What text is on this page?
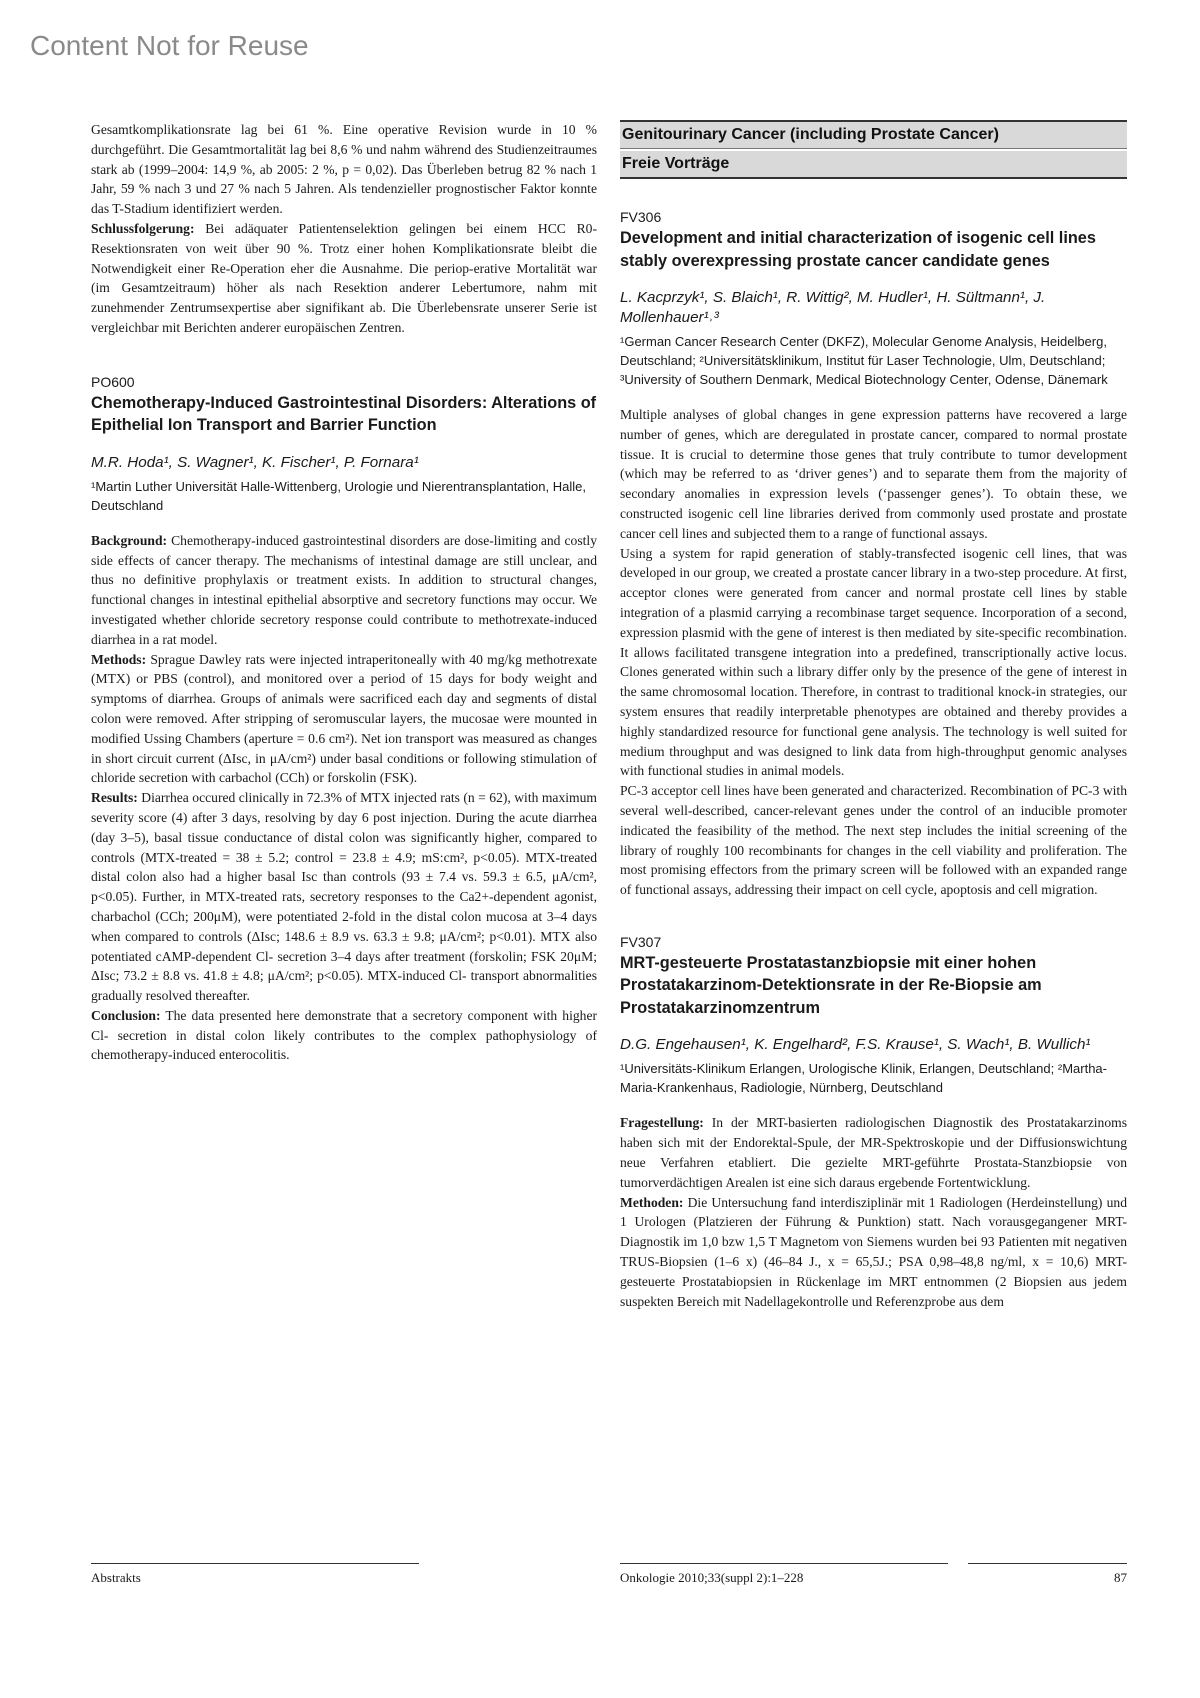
Content Not for Reuse

Gesamtkomplikationsrate lag bei 61 %. Eine operative Revision wurde in 10 % durchgeführt. Die Gesamtmortalität lag bei 8,6 % und nahm während des Studienzeitraumes stark ab (1999–2004: 14,9 %, ab 2005: 2 %, p = 0,02). Das Überleben betrug 82 % nach 1 Jahr, 59 % nach 3 und 27 % nach 5 Jahren. Als tendenzieller prognostischer Faktor konnte das T-Stadium identifiziert werden.

Schlussfolgerung: Bei adäquater Patientenselektion gelingen bei einem HCC R0-Resektionsraten von weit über 90 %. Trotz einer hohen Komplikationsrate bleibt die Notwendigkeit einer Re-Operation eher die Ausnahme. Die periop-erative Mortalität war (im Gesamtzeitraum) höher als nach Resektion anderer Lebertumore, nahm mit zunehmender Zentrumsexpertise aber signifikant ab. Die Überlebensrate unserer Serie ist vergleichbar mit Berichten anderer europäischen Zentren.

PO600
Chemotherapy-Induced Gastrointestinal Disorders: Alterations of Epithelial Ion Transport and Barrier Function
M.R. Hoda¹, S. Wagner¹, K. Fischer¹, P. Fornara¹
¹Martin Luther Universität Halle-Wittenberg, Urologie und Nierentransplantation, Halle, Deutschland

Background: Chemotherapy-induced gastrointestinal disorders are dose-limiting and costly side effects of cancer therapy. The mechanisms of intestinal damage are still unclear, and thus no definitive prophylaxis or treatment exists. In addition to structural changes, functional changes in intestinal epithelial absorptive and secretory functions may occur. We investigated whether chloride secretory response could contribute to methotrexate-induced diarrhea in a rat model.

Methods: Sprague Dawley rats were injected intraperitoneally with 40 mg/kg methotrexate (MTX) or PBS (control), and monitored over a period of 15 days for body weight and symptoms of diarrhea. Groups of animals were sacrificed each day and segments of distal colon were removed. After stripping of seromuscular layers, the mucosae were mounted in modified Ussing Chambers (aperture = 0.6 cm²). Net ion transport was measured as changes in short circuit current (ΔIsc, in μA/cm²) under basal conditions or following stimulation of chloride secretion with carbachol (CCh) or forskolin (FSK).

Results: Diarrhea occured clinically in 72.3% of MTX injected rats (n = 62), with maximum severity score (4) after 3 days, resolving by day 6 post injection. During the acute diarrhea (day 3–5), basal tissue conductance of distal colon was significantly higher, compared to controls (MTX-treated = 38 ± 5.2; control = 23.8 ± 4.9; mS:cm², p<0.05). MTX-treated distal colon also had a higher basal Isc than controls (93 ± 7.4 vs. 59.3 ± 6.5, μA/cm², p<0.05). Further, in MTX-treated rats, secretory responses to the Ca2+-dependent agonist, charbachol (CCh; 200μM), were potentiated 2-fold in the distal colon mucosa at 3–4 days when compared to controls (ΔIsc; 148.6 ± 8.9 vs. 63.3 ± 9.8; μA/cm²; p<0.01). MTX also potentiated cAMP-dependent Cl- secretion 3–4 days after treatment (forskolin; FSK 20μM; ΔIsc; 73.2 ± 8.8 vs. 41.8 ± 4.8; μA/cm²; p<0.05). MTX-induced Cl- transport abnormalities gradually resolved thereafter.

Conclusion: The data presented here demonstrate that a secretory component with higher Cl- secretion in distal colon likely contributes to the complex pathophysiology of chemotherapy-induced enterocolitis.

Genitourinary Cancer (including Prostate Cancer)
Freie Vorträge
FV306
Development and initial characterization of isogenic cell lines stably overexpressing prostate cancer candidate genes
L. Kacprzyk¹, S. Blaich¹, R. Wittig², M. Hudler¹, H. Sültmann¹, J. Mollenhauer¹˒³
¹German Cancer Research Center (DKFZ), Molecular Genome Analysis, Heidelberg, Deutschland; ²Universitätsklinikum, Institut für Laser Technologie, Ulm, Deutschland; ³University of Southern Denmark, Medical Biotechnology Center, Odense, Dänemark

Multiple analyses of global changes in gene expression patterns have recovered a large number of genes, which are deregulated in prostate cancer, compared to normal prostate tissue. It is crucial to determine those genes that truly contribute to tumor development (which may be referred to as ‘driver genes’) and to separate them from the majority of secondary anomalies in expression levels (‘passenger genes’). To obtain these, we constructed isogenic cell line libraries derived from commonly used prostate and prostate cancer cell lines and subjected them to a range of functional assays.

Using a system for rapid generation of stably-transfected isogenic cell lines, that was developed in our group, we created a prostate cancer library in a two-step procedure. At first, acceptor clones were generated from cancer and normal prostate cell lines by stable integration of a plasmid carrying a recombinase target sequence. Incorporation of a second, expression plasmid with the gene of interest is then mediated by site-specific recombination. It allows facilitated transgene integration into a predefined, transcriptionally active locus. Clones generated within such a library differ only by the presence of the gene of interest in the same chromosomal location. Therefore, in contrast to traditional knock-in strategies, our system ensures that readily interpretable phenotypes are obtained and thereby provides a highly standardized resource for functional gene analysis. The technology is well suited for medium throughput and was designed to link data from high-throughput genomic analyses with functional studies in animal models.

PC-3 acceptor cell lines have been generated and characterized. Recombination of PC-3 with several well-described, cancer-relevant genes under the control of an inducible promoter indicated the feasibility of the method. The next step includes the initial screening of the library of roughly 100 recombinants for changes in the cell viability and proliferation. The most promising effectors from the primary screen will be followed with an expanded range of functional assays, addressing their impact on cell cycle, apoptosis and cell migration.

FV307
MRT-gesteuerte Prostatastanzbiopsie mit einer hohen Prostatakarzinom-Detektionsrate in der Re-Biopsie am Prostatakarzinomzentrum
D.G. Engehausen¹, K. Engelhard², F.S. Krause¹, S. Wach¹, B. Wullich¹
¹Universitäts-Klinikum Erlangen, Urologische Klinik, Erlangen, Deutschland; ²Martha-Maria-Krankenhaus, Radiologie, Nürnberg, Deutschland

Fragestellung: In der MRT-basierten radiologischen Diagnostik des Prostatakarzinoms haben sich mit der Endorektal-Spule, der MR-Spektroskopie und der Diffusionswichtung neue Verfahren etabliert. Die gezielte MRT-geführte Prostata-Stanzbiopsie von tumorverdächtigen Arealen ist eine sich daraus ergebende Fortentwicklung.

Methoden: Die Untersuchung fand interdisziplinär mit 1 Radiologen (Herdeinstellung) und 1 Urologen (Platzieren der Führung & Punktion) statt. Nach vorausgegangener MRT-Diagnostik im 1,0 bzw 1,5 T Magnetom von Siemens wurden bei 93 Patienten mit negativen TRUS-Biopsien (1–6 x) (46–84 J., x = 65,5J.; PSA 0,98–48,8 ng/ml, x = 10,6) MRT-gesteuerte Prostatabiopsien in Rückenlage im MRT entnommen (2 Biopsien aus jedem suspekten Bereich mit Nadellagekontrolle und Referenzprobe aus dem

Abstrakts	Onkologie 2010;33(suppl 2):1–228	87
